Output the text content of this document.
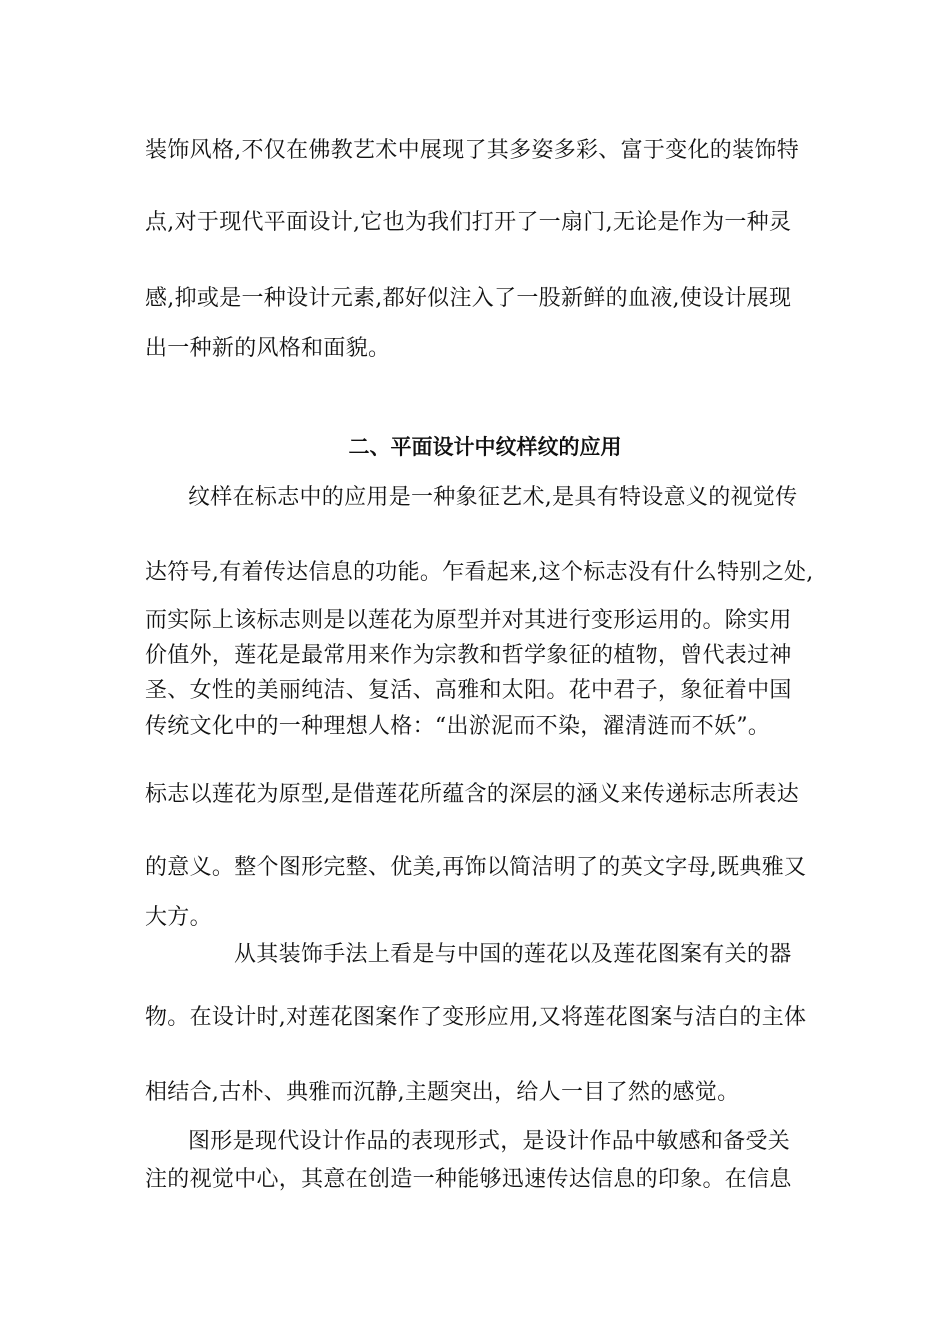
装饰风格,不仅在佛教艺术中展现了其多姿多彩、富于变化的装饰特
点,对于现代平面设计,它也为我们打开了一扇门,无论是作为一种灵
感,抑或是一种设计元素,都好似注入了一股新鲜的血液,使设计展现
出一种新的风格和面貌。
二、平面设计中纹样纹的应用
纹样在标志中的应用是一种象征艺术,是具有特设意义的视觉传
达符号,有着传达信息的功能。乍看起来,这个标志没有什么特别之处,
而实际上该标志则是以莲花为原型并对其进行变形运用的。除实用
价值外，莲花是最常用来作为宗教和哲学象征的植物，曾代表过神
圣、女性的美丽纯洁、复活、高雅和太阳。花中君子，象征着中国
传统文化中的一种理想人格：“出淤泥而不染，濯清涟而不妖”。
标志以莲花为原型,是借莲花所蕴含的深层的涵义来传递标志所表达
的意义。整个图形完整、优美,再饰以简洁明了的英文字母,既典雅又
大方。
从其装饰手法上看是与中国的莲花以及莲花图案有关的器
物。在设计时,对莲花图案作了变形应用,又将莲花图案与洁白的主体
相结合,古朴、典雅而沉静,主题突出，给人一目了然的感觉。
图形是现代设计作品的表现形式，是设计作品中敏感和备受关
注的视觉中心，其意在创造一种能够迅速传达信息的印象。在信息
